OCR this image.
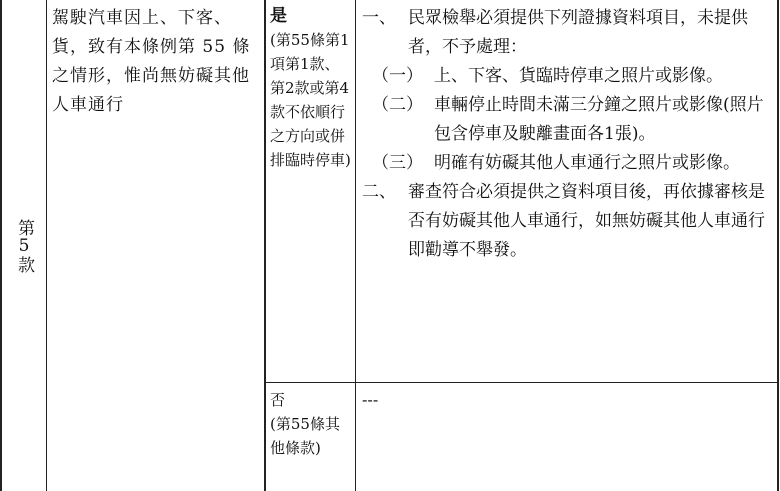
第5款
駕駛汽車因上、下客、貨，致有本條例第 55 條之情形，惟尚無妨礙其他人車通行
是
(第55條第1項第1款、第2款或第4款不依順行之方向或併排臨時停車)
否
(第55條其他條款)
一、 民眾檢舉必須提供下列證據資料項目，未提供者，不予處理：
（一） 上、下客、貨臨時停車之照片或影像。
（二） 車輛停止時間未滿三分鐘之照片或影像(照片包含停車及駛離畫面各1張)。
（三） 明確有妨礙其他人車通行之照片或影像。
二、 審查符合必須提供之資料項目後，再依據審核是否有妨礙其他人車通行，如無妨礙其他人車通行即勸導不舉發。
---
